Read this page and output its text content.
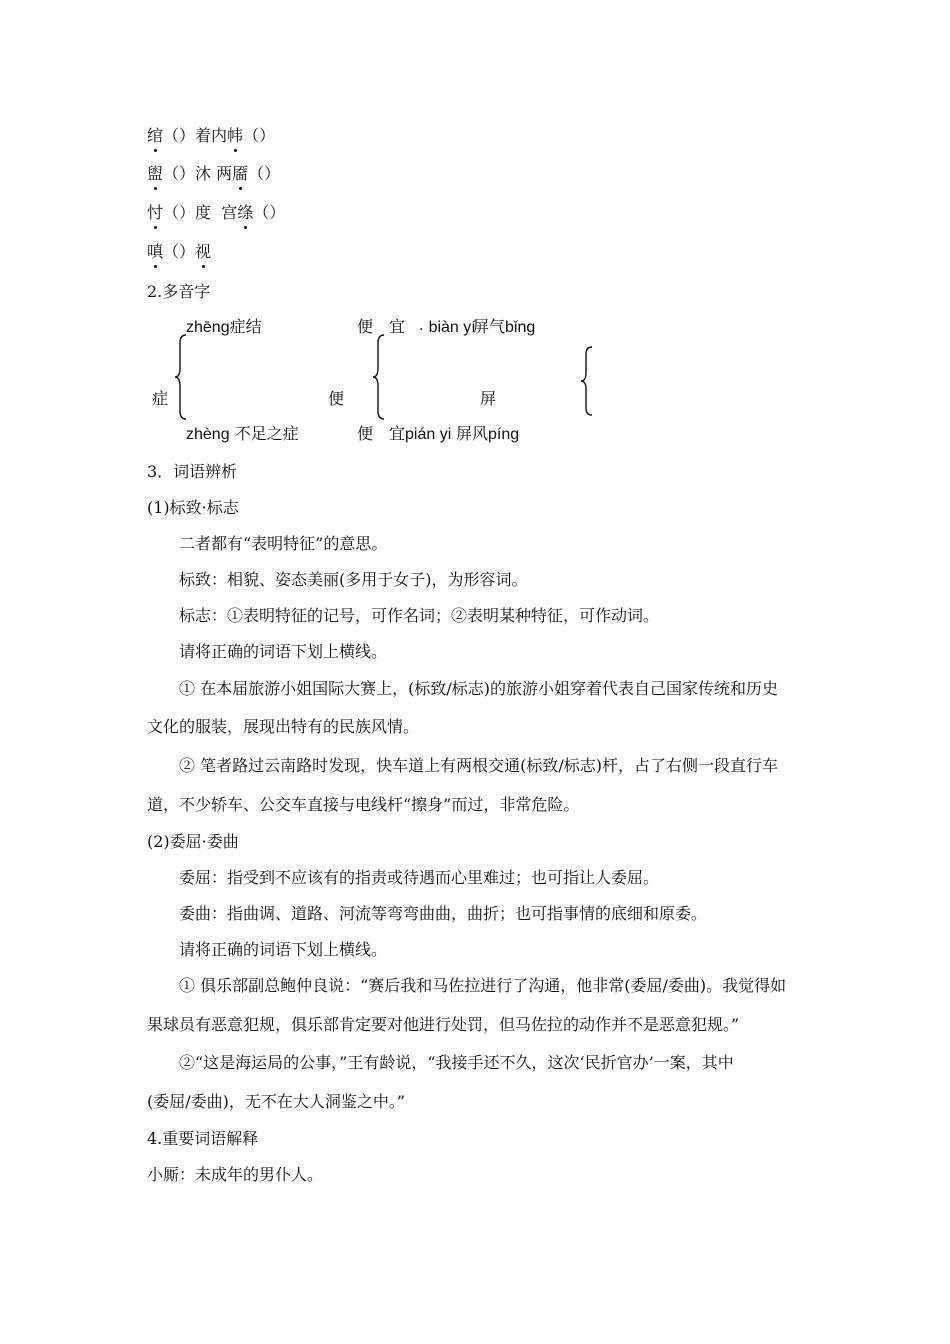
绾（）着内帏（）
盥（）沐 两靥（）
忖（）度  宫绦（）
嗔（）视
2.多音字
zhēnɡ症结
症
zhènɡ 不足之症
便 宜 . biàn yí
便
便 宜pián yi
屏气bǐnɡ
屏
屏风pínɡ
3．词语辨析
(1)标致·标志
二者都有“表明特征”的意思。
标致：相貌、姿态美丽(多用于女子)，为形容词。
标志：①表明特征的记号，可作名词；②表明某种特征，可作动词。
请将正确的词语下划上横线。
① 在本届旅游小姐国际大赛上，(标致/标志)的旅游小姐穿着代表自己国家传统和历史
文化的服装，展现出特有的民族风情。
② 笔者路过云南路时发现，快车道上有两根交通(标致/标志)杆，占了右侧一段直行车
道，不少轿车、公交车直接与电线杆“擦身”而过，非常危险。
(2)委屈·委曲
委屈：指受到不应该有的指责或待遇而心里难过；也可指让人委屈。
委曲：指曲调、道路、河流等弯弯曲曲，曲折；也可指事情的底细和原委。
请将正确的词语下划上横线。
① 俱乐部副总鲍仲良说：“赛后我和马佐拉进行了沟通，他非常(委屈/委曲)。我觉得如
果球员有恶意犯规，俱乐部肯定要对他进行处罚，但马佐拉的动作并不是恶意犯规。”
②“这是海运局的公事，”王有龄说，“我接手还不久，这次‘民折官办’一案，其中
(委屈/委曲)，无不在大人洞鉴之中。”
4.重要词语解释
小厮：未成年的男仆人。
